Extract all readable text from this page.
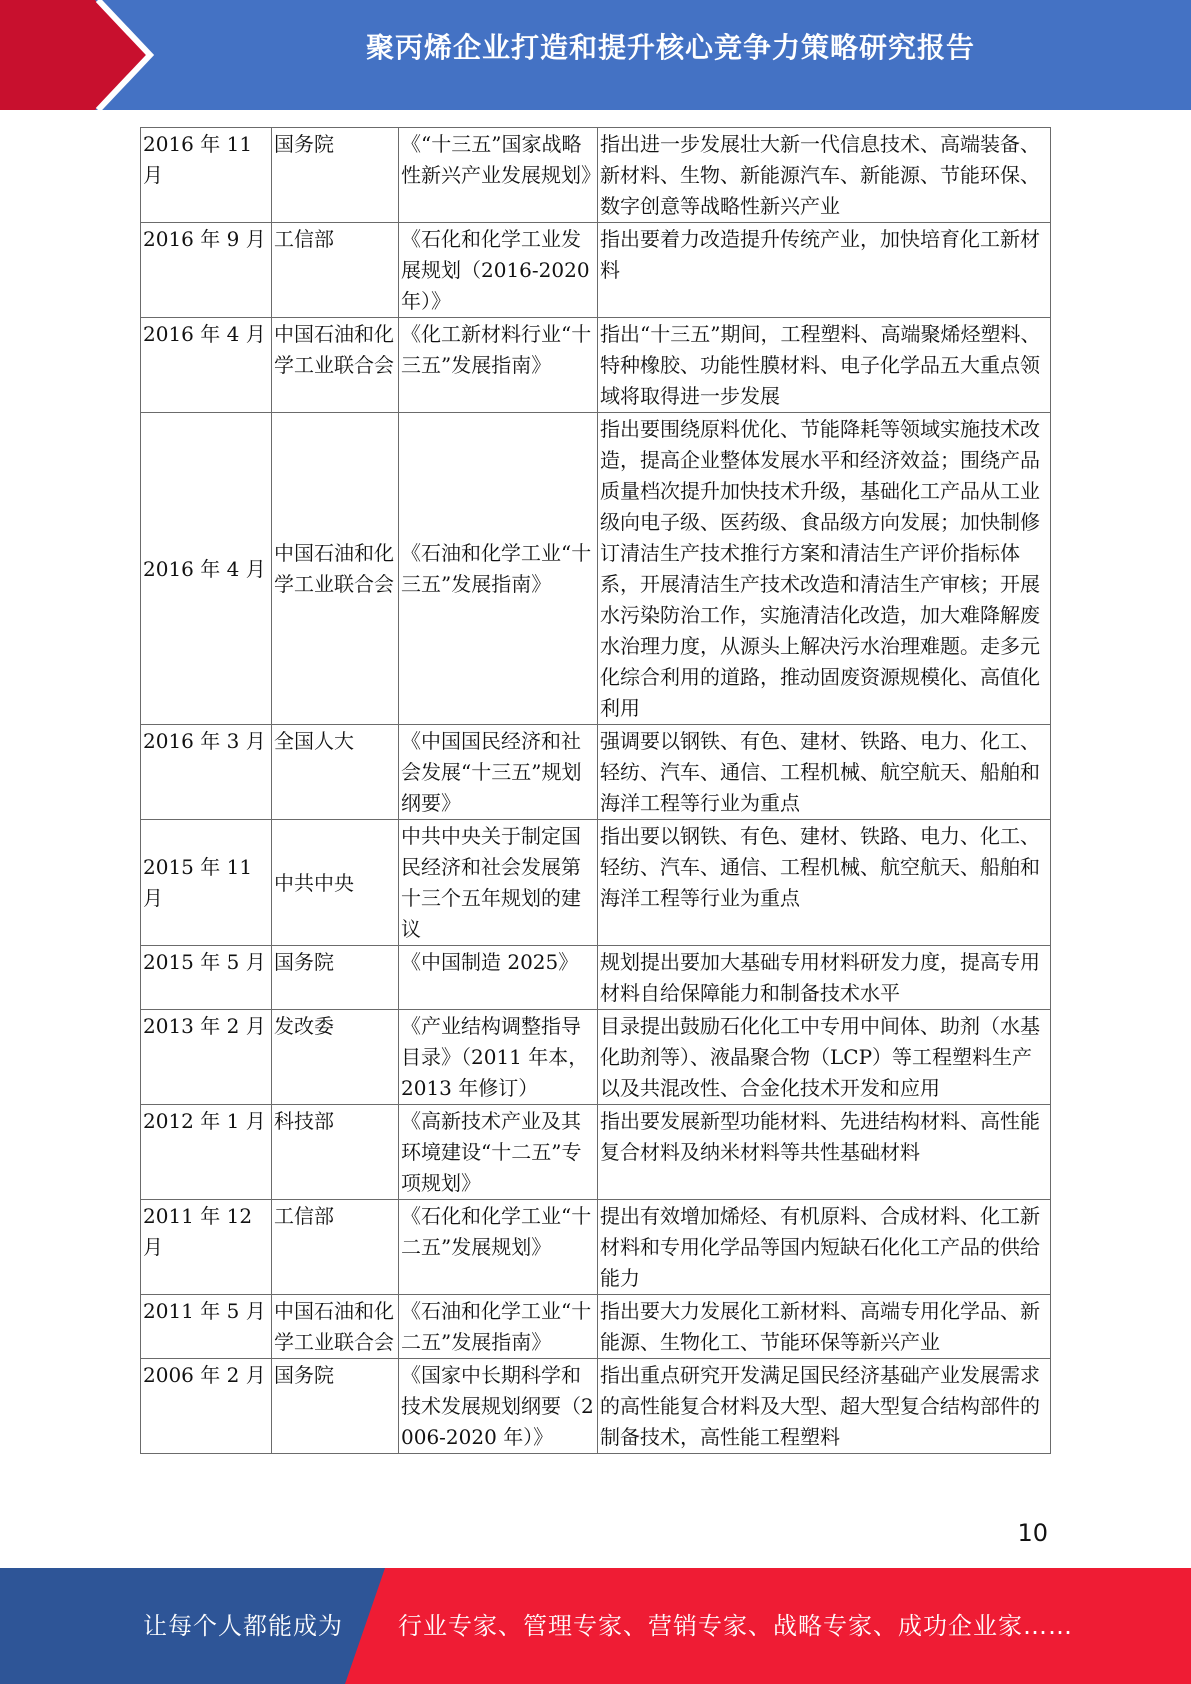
聚丙烯企业打造和提升核心竞争力策略研究报告
2016 年 11 月	国务院	《“十三五”国家战略性新兴产业发展规划》	指出进一步发展壮大新一代信息技术、高端装备、新材料、生物、新能源汽车、新能源、节能环保、数字创意等战略性新兴产业
2016 年 9 月	工信部	《石化和化学工业发展规划（2016-2020 年）》	指出要着力改造提升传统产业，加快培育化工新材料
2016 年 4 月	中国石油和化学工业联合会	《化工新材料行业“十三五”发展指南》	指出“十三五”期间，工程塑料、高端聚烯烃塑料、特种橡胶、功能性膜材料、电子化学品五大重点领域将取得进一步发展
2016 年 4 月	中国石油和化学工业联合会	《石油和化学工业“十三五”发展指南》	指出要围绕原料优化、节能降耗等领域实施技术改造，提高企业整体发展水平和经济效益；围绕产品质量档次提升加快技术升级，基础化工产品从工业级向电子级、医药级、食品级方向发展；加快制修订清洁生产技术推行方案和清洁生产评价指标体系，开展清洁生产技术改造和清洁生产审核；开展水污染防治工作，实施清洁化改造，加大难降解废水治理力度，从源头上解决污水治理难题。走多元化综合利用的道路，推动固废资源规模化、高值化利用
2016 年 3 月	全国人大	《中国国民经济和社会发展“十三五”规划纲要》	强调要以钢铁、有色、建材、铁路、电力、化工、轻纺、汽车、通信、工程机械、航空航天、船舶和海洋工程等行业为重点
2015 年 11 月	中共中央	中共中央关于制定国民经济和社会发展第十三个五年规划的建议	指出要以钢铁、有色、建材、铁路、电力、化工、轻纺、汽车、通信、工程机械、航空航天、船舶和海洋工程等行业为重点
2015 年 5 月	国务院	《中国制造 2025》	规划提出要加大基础专用材料研发力度，提高专用材料自给保障能力和制备技术水平
2013 年 2 月	发改委	《产业结构调整指导目录》（2011 年本，2013 年修订）	目录提出鼓励石化化工中专用中间体、助剂（水基化助剂等）、液晶聚合物（LCP）等工程塑料生产以及共混改性、合金化技术开发和应用
2012 年 1 月	科技部	《高新技术产业及其环境建设“十二五”专项规划》	指出要发展新型功能材料、先进结构材料、高性能复合材料及纳米材料等共性基础材料
2011 年 12 月	工信部	《石化和化学工业“十二五”发展规划》	提出有效增加烯烃、有机原料、合成材料、化工新材料和专用化学品等国内短缺石化化工产品的供给能力
2011 年 5 月	中国石油和化学工业联合会	《石油和化学工业“十二五”发展指南》	指出要大力发展化工新材料、高端专用化学品、新能源、生物化工、节能环保等新兴产业
2006 年 2 月	国务院	《国家中长期科学和技术发展规划纲要（2006-2020 年）》	指出重点研究开发满足国民经济基础产业发展需求的高性能复合材料及大型、超大型复合结构部件的制备技术，高性能工程塑料
10
让每个人都能成为 行业专家、管理专家、营销专家、战略专家、成功企业家……
